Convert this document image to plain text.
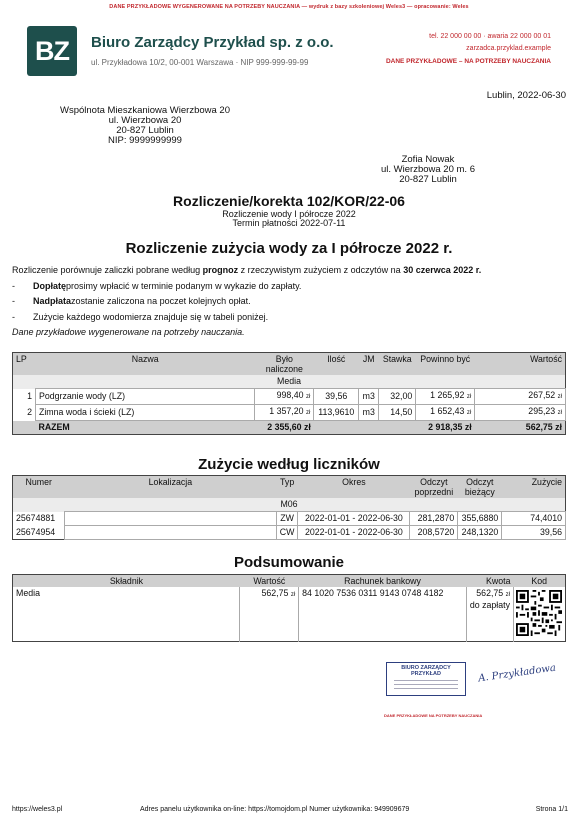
DANE PRZYKŁADOWE WYGENEROWANE NA POTRZEBY NAUCZANIA — wydruk z bazy szkoleniowej Weles3 — opracowanie: Weles
BZ	Biuro Zarządcy Przykład sp. z o.o.
ul. Przykładowa 10/2, 00-001 Warszawa · NIP 999-999-99-99
tel. 22 000 00 00 · awaria 22 000 00 01
zarzadca.przyklad.example
DANE PRZYKŁADOWE – NA POTRZEBY NAUCZANIA
Lublin, 2022-06-30
Wspólnota Mieszkaniowa Wierzbowa 20
ul. Wierzbowa 20
20-827 Lublin
NIP: 9999999999
Zofia Nowak
ul. Wierzbowa 20 m. 6
20-827 Lublin
Rozliczenie/korekta 102/KOR/22-06
Rozliczenie wody I półrocze 2022
Termin płatności 2022-07-11
Rozliczenie zużycia wody za I półrocze 2022 r.
Rozliczenie porównuje zaliczki pobrane według prognoz z rzeczywistym zużyciem z odczytów na 30 czerwca 2022 r.
- Dopłatęprosimy wpłacić w terminie podanym w wykazie do zapłaty.
- Nadpłatazostanie zaliczona na poczet kolejnych opłat.
- Zużycie każdego wodomierza znajduje się w tabeli poniżej.
Dane przykładowe wygenerowane na potrzeby nauczania.
LP	Nazwa	Było naliczone	Ilość	JM	Stawka	Powinno być	Wartość
Media							
1	Podgrzanie wody (LZ)	998,40 zł	39,56	m3	32,00	1 265,92 zł	267,52 zł
2	Zimna woda i ścieki (LZ)	1 357,20 zł	113,9610	m3	14,50	1 652,43 zł	295,23 zł
	RAZEM	2 355,60 zł				2 918,35 zł	562,75 zł
Zużycie według liczników
Numer	Lokalizacja	Typ	Okres	Odczyt poprzedni	Odczyt bieżący	Zużycie
M06						
25674881		ZW	2022-01-01 - 2022-06-30	281,2870	355,6880	74,4010
25674954		CW	2022-01-01 - 2022-06-30	208,5720	248,1320	39,56
Podsumowanie
Składnik	Wartość	Rachunek bankowy	Kwota	Kod
Media	562,75 zł	84 1020 7536 0311 9143 0748 4182	562,75 zł
do zapłaty

BIURO ZARZĄDCY PRZYKŁAD	A. Przykładowa
DANE PRZYKŁADOWE NA POTRZEBY NAUCZANIA
https://weles3.pl	Adres panelu użytkownika on-line: https://tomojdom.pl Numer użytkownika: 949909679	Strona 1/1
